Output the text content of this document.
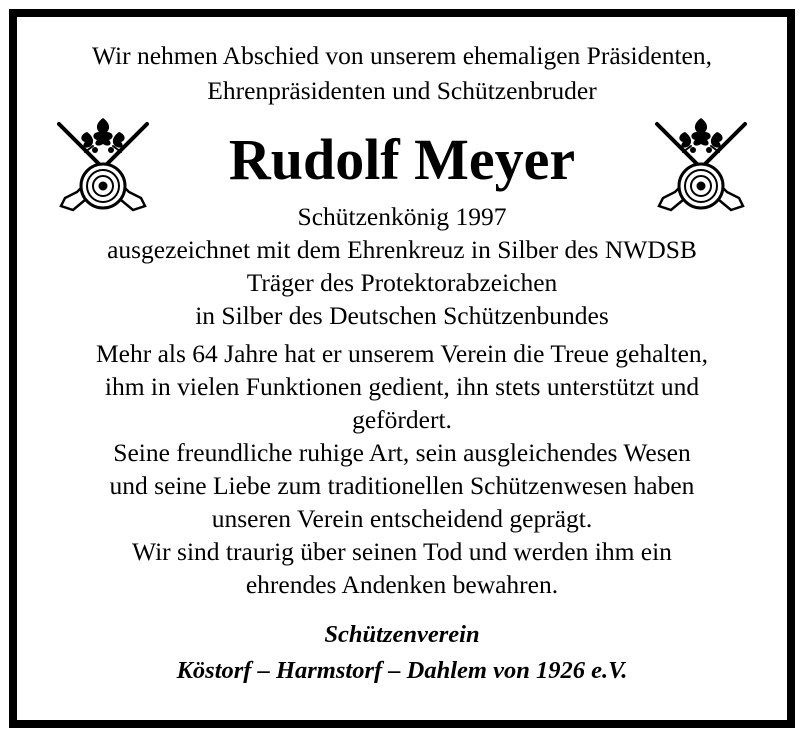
Wir nehmen Abschied von unserem ehemaligen Präsidenten,
Ehrenpräsidenten und Schützenbruder
Rudolf Meyer
Schützenkönig 1997
ausgezeichnet mit dem Ehrenkreuz in Silber des NWDSB
Träger des Protektorabzeichen
in Silber des Deutschen Schützenbundes
Mehr als 64 Jahre hat er unserem Verein die Treue gehalten,
ihm in vielen Funktionen gedient, ihn stets unterstützt und
gefördert.
Seine freundliche ruhige Art, sein ausgleichendes Wesen
und seine Liebe zum traditionellen Schützenwesen haben
unseren Verein entscheidend geprägt.
Wir sind traurig über seinen Tod und werden ihm ein
ehrendes Andenken bewahren.
Schützenverein
Köstorf – Harmstorf – Dahlem von 1926 e.V.
